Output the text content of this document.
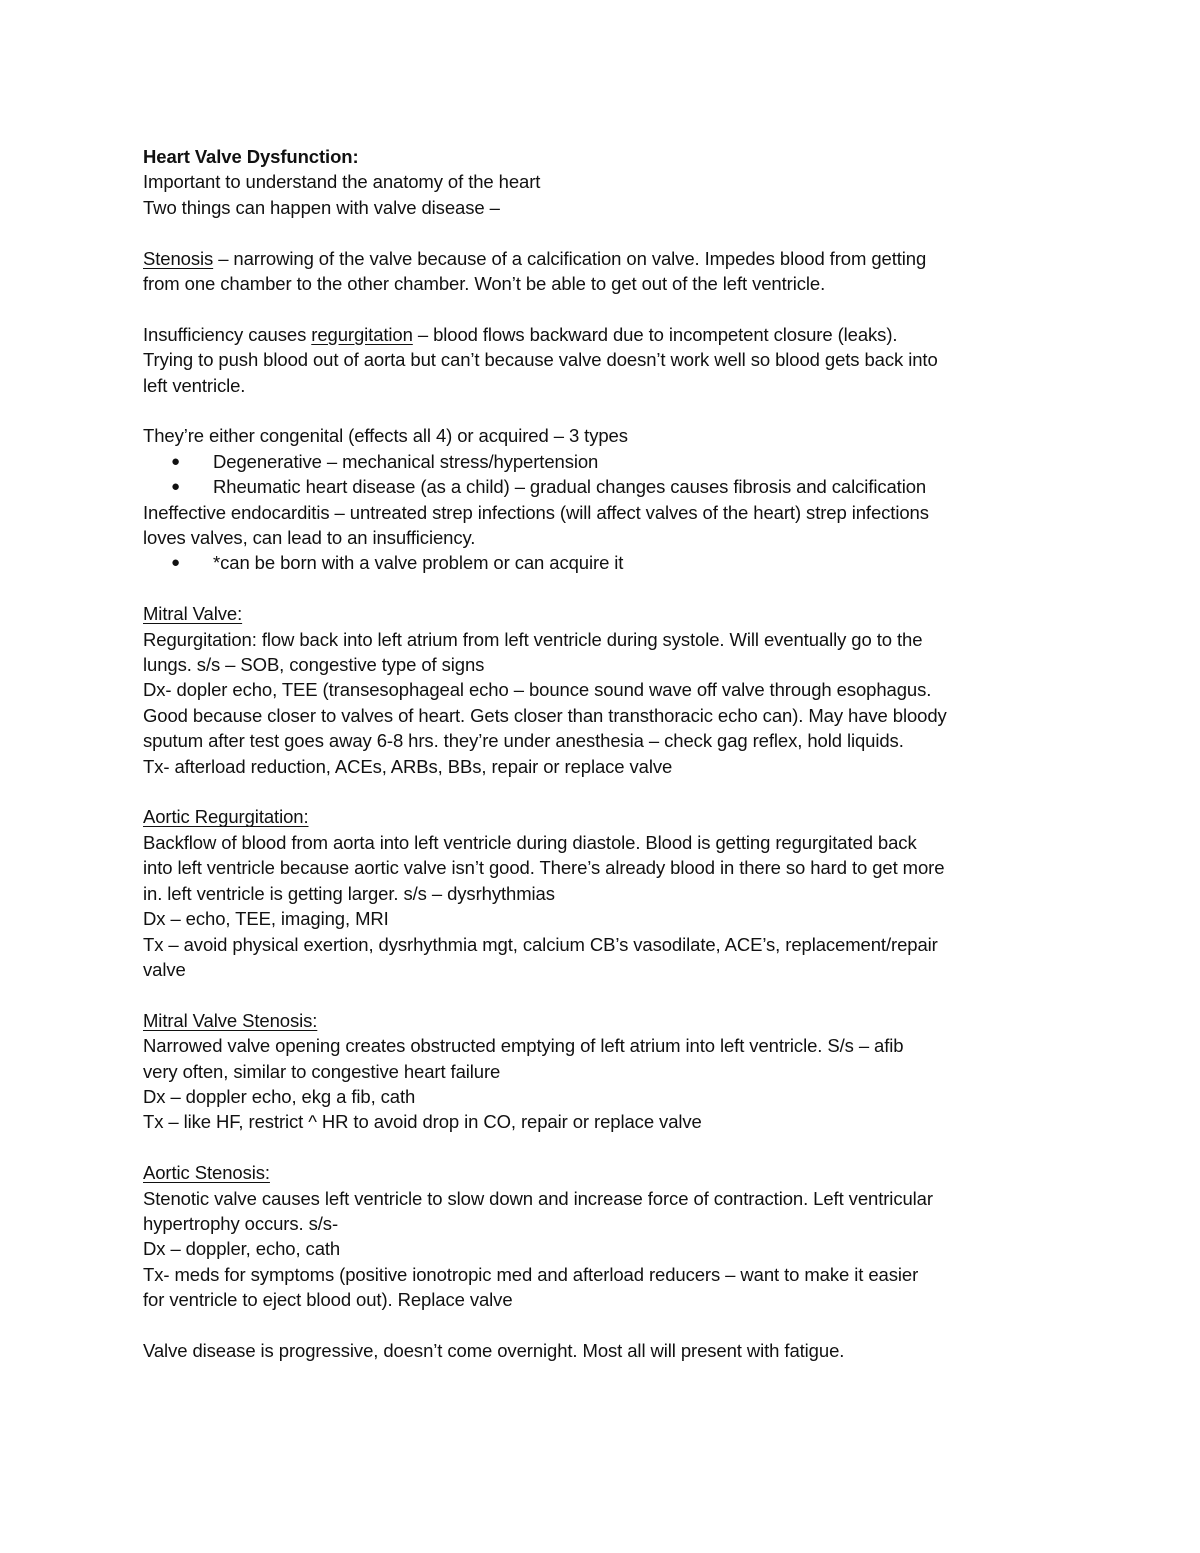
Heart Valve Dysfunction:
Important to understand the anatomy of the heart
Two things can happen with valve disease –
Stenosis – narrowing of the valve because of a calcification on valve. Impedes blood from getting
from one chamber to the other chamber. Won’t be able to get out of the left ventricle.
Insufficiency causes regurgitation – blood flows backward due to incompetent closure (leaks).
Trying to push blood out of aorta but can’t because valve doesn’t work well so blood gets back into
left ventricle.
They’re either congenital (effects all 4) or acquired – 3 types
● Degenerative – mechanical stress/hypertension
● Rheumatic heart disease (as a child) – gradual changes causes fibrosis and calcification
Ineffective endocarditis – untreated strep infections (will affect valves of the heart) strep infections
loves valves, can lead to an insufficiency.
● *can be born with a valve problem or can acquire it
Mitral Valve:
Regurgitation: flow back into left atrium from left ventricle during systole. Will eventually go to the
lungs. s/s – SOB, congestive type of signs
Dx- dopler echo, TEE (transesophageal echo – bounce sound wave off valve through esophagus.
Good because closer to valves of heart. Gets closer than transthoracic echo can). May have bloody
sputum after test goes away 6-8 hrs. they’re under anesthesia – check gag reflex, hold liquids.
Tx- afterload reduction, ACEs, ARBs, BBs, repair or replace valve
Aortic Regurgitation:
Backflow of blood from aorta into left ventricle during diastole. Blood is getting regurgitated back
into left ventricle because aortic valve isn’t good. There’s already blood in there so hard to get more
in. left ventricle is getting larger. s/s – dysrhythmias
Dx – echo, TEE, imaging, MRI
Tx – avoid physical exertion, dysrhythmia mgt, calcium CB’s vasodilate, ACE’s, replacement/repair
valve
Mitral Valve Stenosis:
Narrowed valve opening creates obstructed emptying of left atrium into left ventricle. S/s – afib
very often, similar to congestive heart failure
Dx – doppler echo, ekg a fib, cath
Tx – like HF, restrict ^ HR to avoid drop in CO, repair or replace valve
Aortic Stenosis:
Stenotic valve causes left ventricle to slow down and increase force of contraction. Left ventricular
hypertrophy occurs. s/s-
Dx – doppler, echo, cath
Tx- meds for symptoms (positive ionotropic med and afterload reducers – want to make it easier
for ventricle to eject blood out). Replace valve
Valve disease is progressive, doesn’t come overnight. Most all will present with fatigue.
